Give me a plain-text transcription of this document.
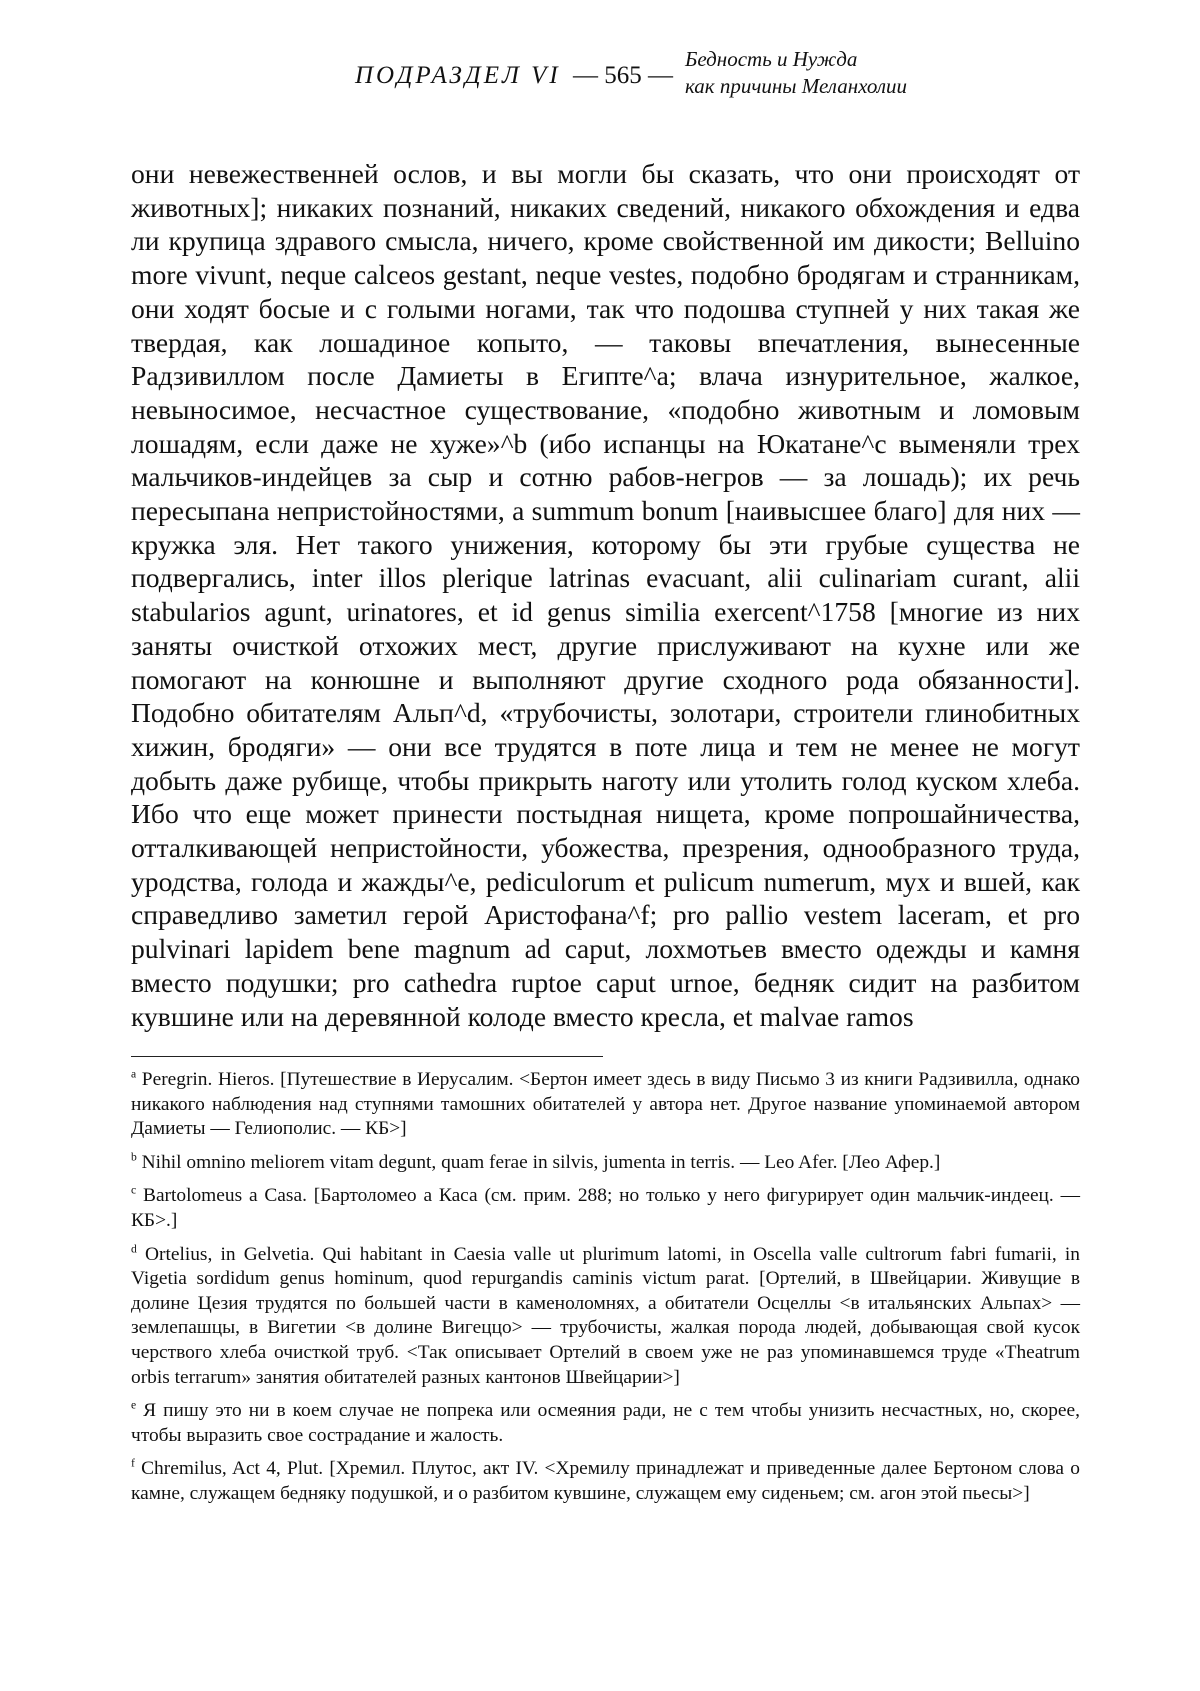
ПОДРАЗДЕЛ VI — 565 —
Бедность и Нужда
как причины Меланхолии

они невежественней ослов, и вы могли бы сказать, что они происходят от животных]; никаких познаний, никаких сведений, никакого обхождения и едва ли крупица здравого смысла, ничего, кроме свойственной им дикости; Belluino more vivunt, neque calceos gestant, neque vestes, подобно бродягам и странникам, они ходят босые и с голыми ногами, так что подошва ступней у них такая же твердая, как лошадиное копыто, — таковы впечатления, вынесенные Радзивиллом после Дамиеты в Египте^a; влача изнурительное, жалкое, невыносимое, несчастное существование, «подобно животным и ломовым лошадям, если даже не хуже»^b (ибо испанцы на Юкатане^c выменяли трех мальчиков-индейцев за сыр и сотню рабов-негров — за лошадь); их речь пересыпана непристойностями, а summum bonum [наивысшее благо] для них — кружка эля. Нет такого унижения, которому бы эти грубые существа не подвергались, inter illos plerique latrinas evacuant, alii culinariam curant, alii stabularios agunt, urinatores, et id genus similia exercent^1758 [многие из них заняты очисткой отхожих мест, другие прислуживают на кухне или же помогают на конюшне и выполняют другие сходного рода обязанности]. Подобно обитателям Альп^d, «трубочисты, золотари, строители глинобитных хижин, бродяги» — они все трудятся в поте лица и тем не менее не могут добыть даже рубище, чтобы прикрыть наготу или утолить голод куском хлеба. Ибо что еще может принести постыдная нищета, кроме попрошайничества, отталкивающей непристойности, убожества, презрения, однообразного труда, уродства, голода и жажды^e, pediculorum et pulicum numerum, мух и вшей, как справедливо заметил герой Аристофана^f; pro pallio vestem laceram, et pro pulvinari lapidem bene magnum ad caput, лохмотьев вместо одежды и камня вместо подушки; pro cathedra ruptoe caput urnoe, бедняк сидит на разбитом кувшине или на деревянной колоде вместо кресла, et malvae ramos

$^a$ Peregrin. Hieros. [Путешествие в Иерусалим. <Бертон имеет здесь в виду Письмо 3 из книги Радзивилла, однако никакого наблюдения над ступнями тамошних обитателей у автора нет. Другое название упоминаемой автором Дамиеты — Гелиополис. — КБ>]

$^b$ Nihil omnino meliorem vitam degunt, quam ferae in silvis, jumenta in terris. — Leo Afer. [Лео Афер.]

$^c$ Bartolomeus a Casa. [Бартоломео а Каса (см. прим. 288; но только у него фигурирует один мальчик-индеец. — КБ>.]

$^d$ Ortelius, in Gelvetia. Qui habitant in Caesia valle ut plurimum latomi, in Oscella valle cultrorum fabri fumarii, in Vigetia sordidum genus hominum, quod repurgandis caminis victum parat. [Ортелий, в Швейцарии. Живущие в долине Цезия трудятся по большей части в каменоломнях, а обитатели Осцеллы <в итальянских Альпах> — землепашцы, в Вигетии <в долине Вигеццо> — трубочисты, жалкая порода людей, добывающая свой кусок черствого хлеба очисткой труб. <Так описывает Ортелий в своем уже не раз упоминавшемся труде «Theatrum orbis terrarum» занятия обитателей разных кантонов Швейцарии>]

$^e$ Я пишу это ни в коем случае не попрека или осмеяния ради, не с тем чтобы унизить несчастных, но, скорее, чтобы выразить свое сострадание и жалость.

$^f$ Chremilus, Act 4, Plut. [Хремил. Плутос, акт IV. <Хремилу принадлежат и приведенные далее Бертоном слова о камне, служащем бедняку подушкой, и о разбитом кувшине, служащем ему сиденьем; см. агон этой пьесы>]
